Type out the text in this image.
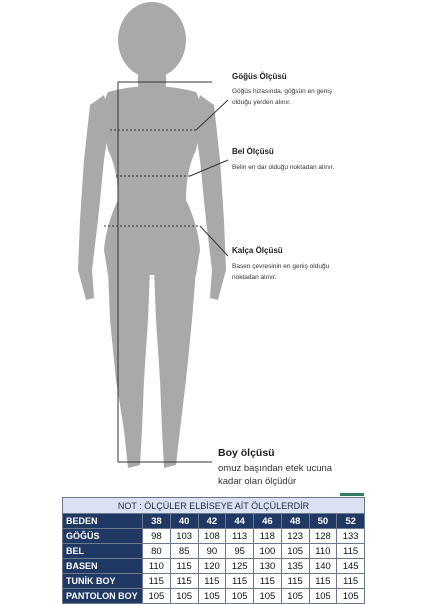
Göğüs Ölçüsü
Göğüs hizasında, göğsün en geniş olduğu yerden alınır.
Bel Ölçüsü
Belin en dar olduğu noktadan alınır.
Kalça Ölçüsü
Basen çevresinin en geniş olduğu noktadan alınır.
Boy ölçüsü
omuz başından etek ucuna kadar olan ölçüdür
NOT : ÖLÇÜLER ELBİSEYE AİT ÖLÇÜLERDİR								
BEDEN	38	40	42	44	46	48	50	52
GÖĞÜS	98	103	108	113	118	123	128	133
BEL	80	85	90	95	100	105	110	115
BASEN	110	115	120	125	130	135	140	145
TUNİK BOY	115	115	115	115	115	115	115	115
PANTOLON BOY	105	105	105	105	105	105	105	105
